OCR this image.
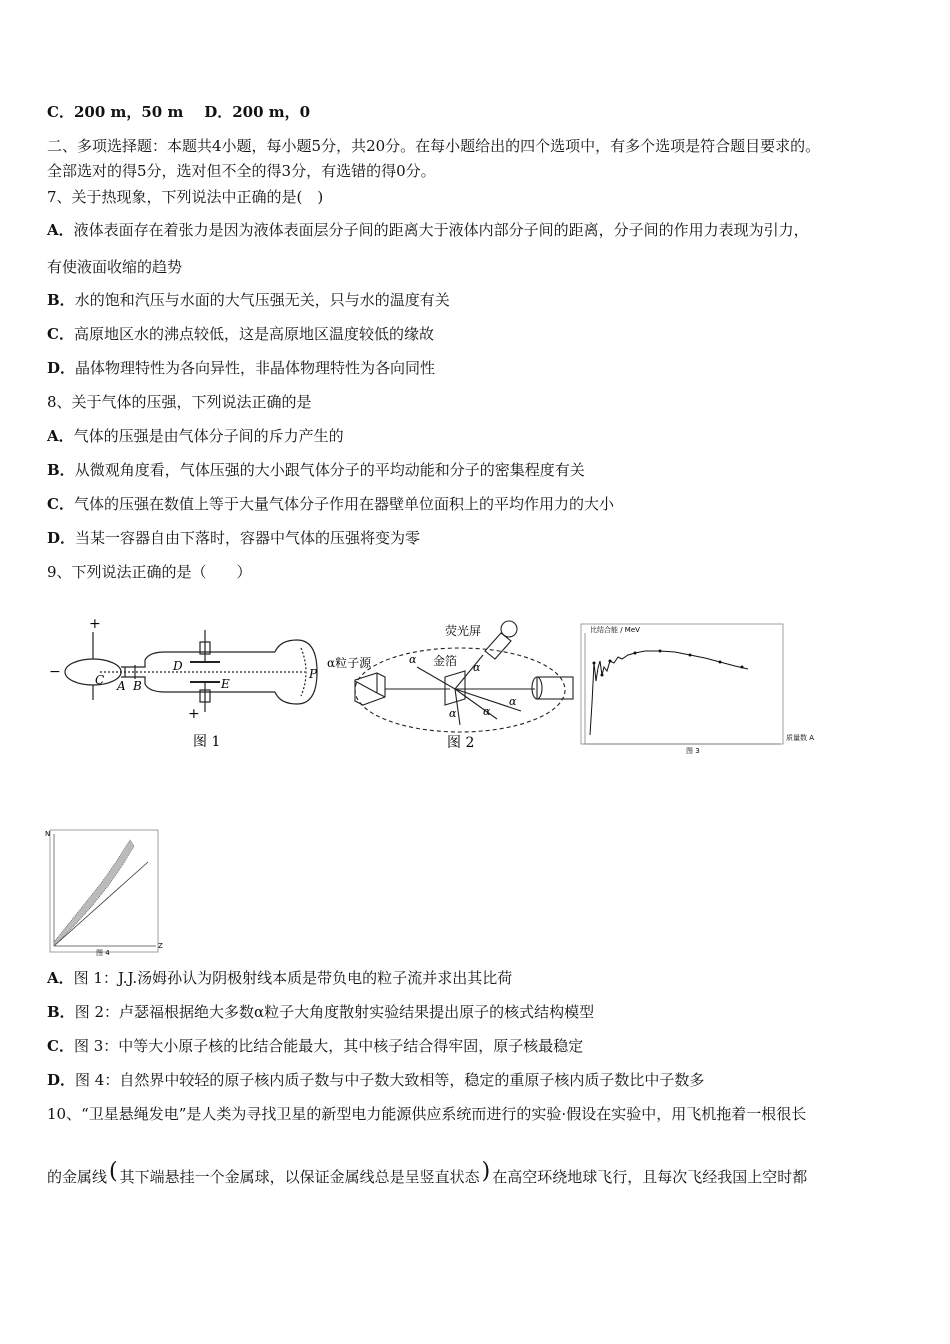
C．200 m，50 m D．200 m，0
二、多项选择题：本题共4小题，每小题5分，共20分。在每小题给出的四个选项中，有多个选项是符合题目要求的。
全部选对的得5分，选对但不全的得3分，有选错的得0分。
7、关于热现象，下列说法中正确的是(　)
A．液体表面存在着张力是因为液体表面层分子间的距离大于液体内部分子间的距离，分子间的作用力表现为引力，
有使液面收缩的趋势
B．水的饱和汽压与水面的大气压强无关，只与水的温度有关
C．高原地区水的沸点较低，这是高原地区温度较低的缘故
D．晶体物理特性为各向异性，非晶体物理特性为各向同性
8、关于气体的压强，下列说法正确的是
A．气体的压强是由气体分子间的斥力产生的
B．从微观角度看，气体压强的大小跟气体分子的平均动能和分子的密集程度有关
C．气体的压强在数值上等于大量气体分子作用在器壁单位面积上的平均作用力的大小
D．当某一容器自由下落时，容器中气体的压强将变为零
9、下列说法正确的是（　　）
+
−	C A B
D
E
P
+
图 1
荧光屏
α粒子源	金箔
α
α
α α
α
图 2
比结合能 / MeV
质量数 A
图 3
N
Z
图 4
A．图 1：J.J.汤姆孙认为阴极射线本质是带负电的粒子流并求出其比荷
B．图 2：卢瑟福根据绝大多数α粒子大角度散射实验结果提出原子的核式结构模型
C．图 3：中等大小原子核的比结合能最大，其中核子结合得牢固，原子核最稳定
D．图 4：自然界中较轻的原子核内质子数与中子数大致相等，稳定的重原子核内质子数比中子数多
10、“卫星悬绳发电”是人类为寻找卫星的新型电力能源供应系统而进行的实验·假设在实验中，用飞机拖着一根很长
的金属线( 其下端悬挂一个金属球，以保证金属线总是呈竖直状态) 在高空环绕地球飞行，且每次飞经我国上空时都
